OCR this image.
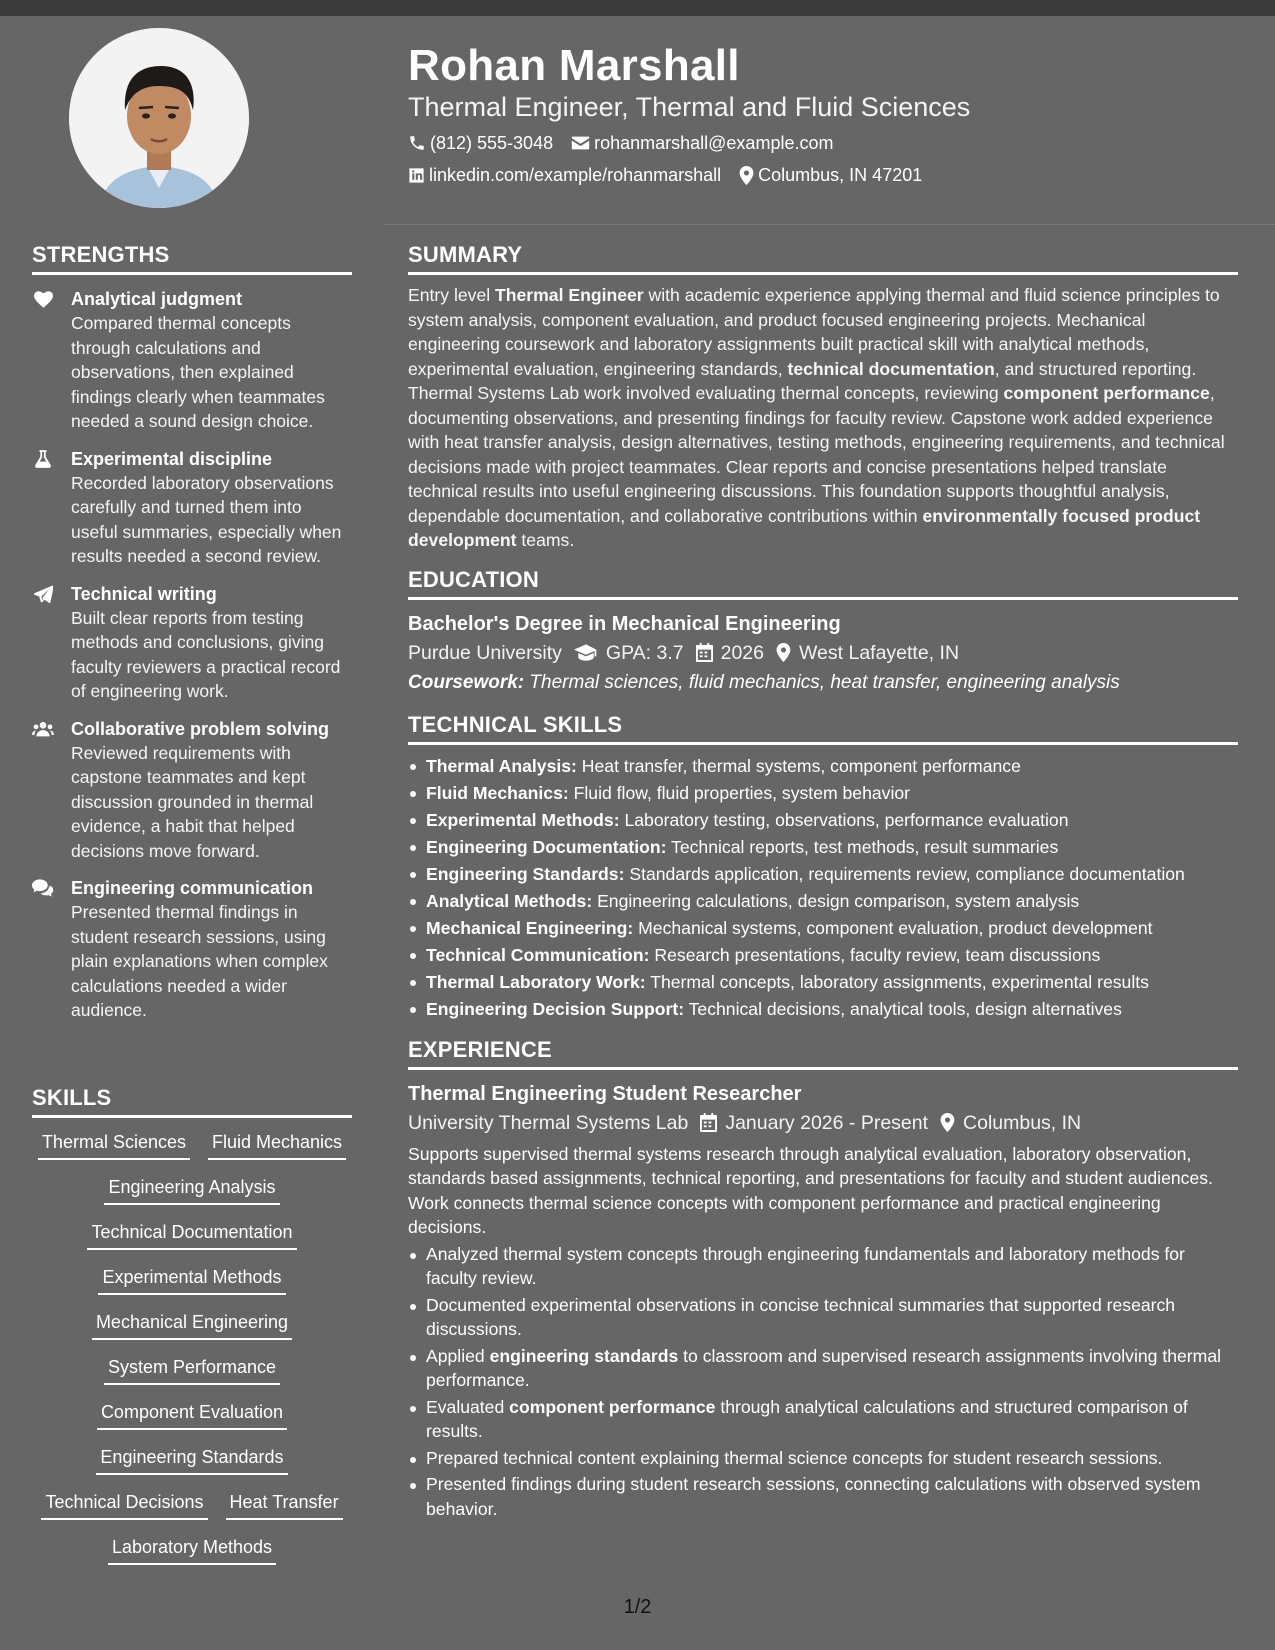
Rohan Marshall
Thermal Engineer, Thermal and Fluid Sciences
(812) 555-3048 rohanmarshall@example.com
linkedin.com/example/rohanmarshall Columbus, IN 47201
STRENGTHS
Analytical judgment
Compared thermal concepts through calculations and observations, then explained findings clearly when teammates needed a sound design choice.
Experimental discipline
Recorded laboratory observations carefully and turned them into useful summaries, especially when results needed a second review.
Technical writing
Built clear reports from testing methods and conclusions, giving faculty reviewers a practical record of engineering work.
Collaborative problem solving
Reviewed requirements with capstone teammates and kept discussion grounded in thermal evidence, a habit that helped decisions move forward.
Engineering communication
Presented thermal findings in student research sessions, using plain explanations when complex calculations needed a wider audience.
SKILLS
Thermal Sciences Fluid Mechanics
Engineering Analysis
Technical Documentation
Experimental Methods
Mechanical Engineering
System Performance
Component Evaluation
Engineering Standards
Technical Decisions Heat Transfer
Laboratory Methods
SUMMARY
Entry level Thermal Engineer with academic experience applying thermal and fluid science principles to system analysis, component evaluation, and product focused engineering projects. Mechanical engineering coursework and laboratory assignments built practical skill with analytical methods, experimental evaluation, engineering standards, technical documentation, and structured reporting. Thermal Systems Lab work involved evaluating thermal concepts, reviewing component performance, documenting observations, and presenting findings for faculty review. Capstone work added experience with heat transfer analysis, design alternatives, testing methods, engineering requirements, and technical decisions made with project teammates. Clear reports and concise presentations helped translate technical results into useful engineering discussions. This foundation supports thoughtful analysis, dependable documentation, and collaborative contributions within environmentally focused product development teams.
EDUCATION
Bachelor's Degree in Mechanical Engineering
Purdue University GPA: 3.7 2026 West Lafayette, IN
Coursework: Thermal sciences, fluid mechanics, heat transfer, engineering analysis
TECHNICAL SKILLS
Thermal Analysis: Heat transfer, thermal systems, component performance
Fluid Mechanics: Fluid flow, fluid properties, system behavior
Experimental Methods: Laboratory testing, observations, performance evaluation
Engineering Documentation: Technical reports, test methods, result summaries
Engineering Standards: Standards application, requirements review, compliance documentation
Analytical Methods: Engineering calculations, design comparison, system analysis
Mechanical Engineering: Mechanical systems, component evaluation, product development
Technical Communication: Research presentations, faculty review, team discussions
Thermal Laboratory Work: Thermal concepts, laboratory assignments, experimental results
Engineering Decision Support: Technical decisions, analytical tools, design alternatives
EXPERIENCE
Thermal Engineering Student Researcher
University Thermal Systems Lab January 2026 - Present Columbus, IN
Supports supervised thermal systems research through analytical evaluation, laboratory observation, standards based assignments, technical reporting, and presentations for faculty and student audiences. Work connects thermal science concepts with component performance and practical engineering decisions.
Analyzed thermal system concepts through engineering fundamentals and laboratory methods for faculty review.
Documented experimental observations in concise technical summaries that supported research discussions.
Applied engineering standards to classroom and supervised research assignments involving thermal performance.
Evaluated component performance through analytical calculations and structured comparison of results.
Prepared technical content explaining thermal science concepts for student research sessions.
Presented findings during student research sessions, connecting calculations with observed system behavior.
1/2
